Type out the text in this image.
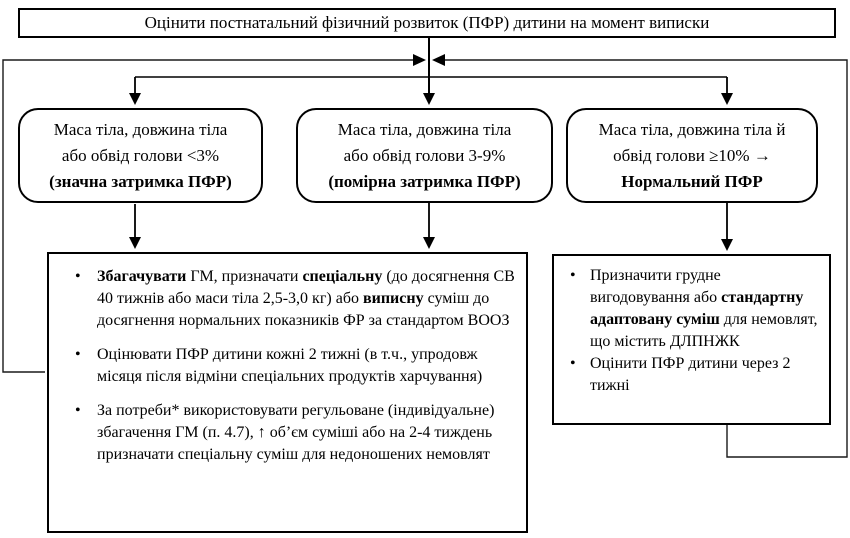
Оцінити постнатальний фізичний розвиток (ПФР) дитини на момент виписки
Маса тіла, довжина тіла
або обвід голови <3%
(значна затримка ПФР)
Маса тіла, довжина тіла
або обвід голови 3-9%
(помірна затримка ПФР)
Маса тіла, довжина тіла й
обвід голови ≥10% →
Нормальний ПФР
•	Збагачувати ГМ, призначати спеціальну (до досягнення СВ 40 тижнів або маси тіла 2,5-3,0 кг) або виписну суміш до досягнення нормальних показників ФР за стандартом ВООЗ
•	Оцінювати ПФР дитини кожні 2 тижні (в т.ч., упродовж місяця після відміни спеціальних продуктів харчування)
•	За потреби* використовувати регульоване (індивідуальне) збагачення ГМ (п. 4.7), ↑ об’єм суміші або на 2-4 тиждень призначати спеціальну суміш для недоношених немовлят
• Призначити грудне вигодовування або стандартну адаптовану суміш для немовлят, що містить ДЛПНЖК
• Оцінити ПФР дитини через 2 тижні
